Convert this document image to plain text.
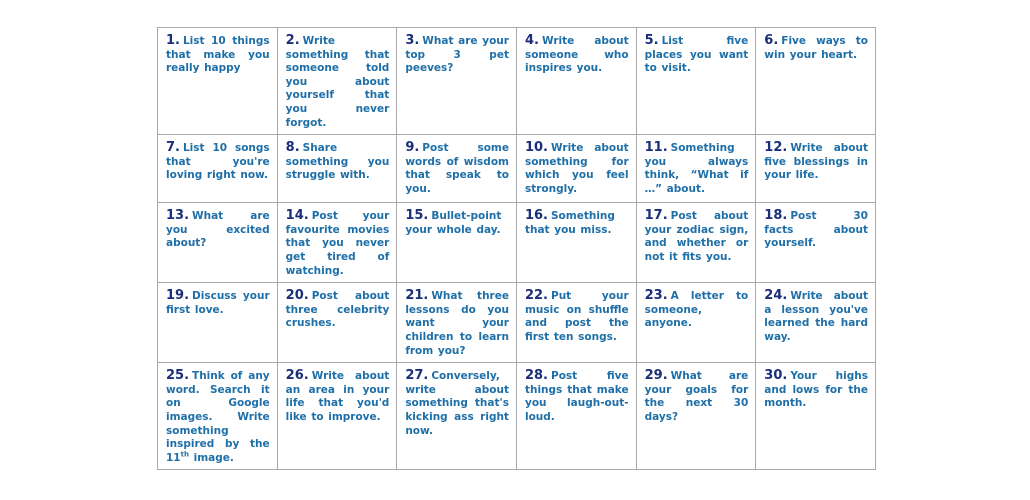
1. List 10 things that make you really happy	2. Write something that someone told you about yourself that you never forgot.	3. What are your top 3 pet peeves?	4. Write about someone who inspires you.	5. List five places you want to visit.	6. Five ways to win your heart.
7. List 10 songs that you're loving right now.	8. Share something you struggle with.	9. Post some words of wisdom that speak to you.	10. Write about something for which you feel strongly.	11. Something you always think, “What if …” about.	12. Write about five blessings in your life.
13. What are you excited about?	14. Post your favourite movies that you never get tired of watching.	15. Bullet-point your whole day.	16. Something that you miss.	17. Post about your zodiac sign, and whether or not it fits you.	18. Post 30 facts about yourself.
19. Discuss your first love.	20. Post about three celebrity crushes.	21. What three lessons do you want your children to learn from you?	22. Put your music on shuffle and post the first ten songs.	23. A letter to someone, anyone.	24. Write about a lesson you've learned the hard way.
25. Think of any word. Search it on Google images. Write something inspired by the 11th image.	26. Write about an area in your life that you'd like to improve.	27. Conversely, write about something that's kicking ass right now.	28. Post five things that make you laugh-out-loud.	29. What are your goals for the next 30 days?	30. Your highs and lows for the month.
